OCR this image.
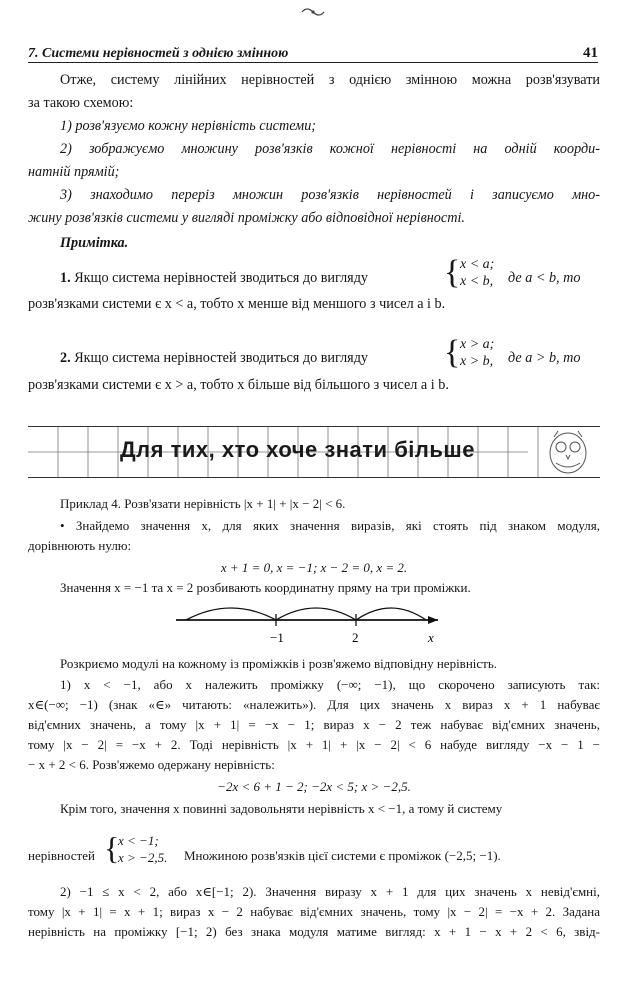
7. Системи нерівностей з однією змінною	41
Отже, систему лінійних нерівностей з однією змінною можна розв'язувати
за такою схемою:
1) розв'язуємо кожну нерівність системи;
2) зображуємо множину розв'язків кожної нерівності на одній коорди-
натній прямій;
3) знаходимо переріз множин розв'язків нерівностей і записуємо мно-
жину розв'язків системи у вигляді проміжку або відповідної нерівності.
Примітка.
1. Якщо система нерівностей зводиться до вигляду { x < a;
x < b, де a < b, то
розв'язками системи є x < a, тобто x менше від меншого з чисел a і b.
2. Якщо система нерівностей зводиться до вигляду { x > a;
x > b, де a > b, то
розв'язками системи є x > a, тобто x більше від більшого з чисел a і b.
Для тих, хто хоче знати більше
Приклад 4. Розв'язати нерівність |x + 1| + |x − 2| < 6.
• Знайдемо значення x, для яких значення виразів, які стоять під знаком модуля,
дорівнюють нулю:
x + 1 = 0, x = −1; x − 2 = 0, x = 2.
Значення x = −1 та x = 2 розбивають координатну пряму на три проміжки.
−1	2	x
Розкриємо модулі на кожному із проміжків і розв'яжемо відповідну нерівність.
1) x < −1, або x належить проміжку (−∞; −1), що скорочено записують так:
x∈(−∞; −1) (знак «∈» читають: «належить»). Для цих значень x вираз x + 1 набуває
від'ємних значень, а тому |x + 1| = −x − 1; вираз x − 2 теж набуває від'ємних значень,
тому |x − 2| = −x + 2. Тоді нерівність |x + 1| + |x − 2| < 6 набуде вигляду −x − 1 −
− x + 2 < 6. Розв'яжемо одержану нерівність:
−2x < 6 + 1 − 2; −2x < 5; x > −2,5.
Крім того, значення x повинні задовольняти нерівність x < −1, а тому й систему
нерівностей {
x < −1;
x > −2,5. Множиною розв'язків цієї системи є проміжок (−2,5; −1).
2) −1 ≤ x < 2, або x∈[−1; 2). Значення виразу x + 1 для цих значень x невід'ємні,
тому |x + 1| = x + 1; вираз x − 2 набуває від'ємних значень, тому |x − 2| = −x + 2. Задана
нерівність на проміжку [−1; 2) без знака модуля матиме вигляд: x + 1 − x + 2 < 6, звід-
